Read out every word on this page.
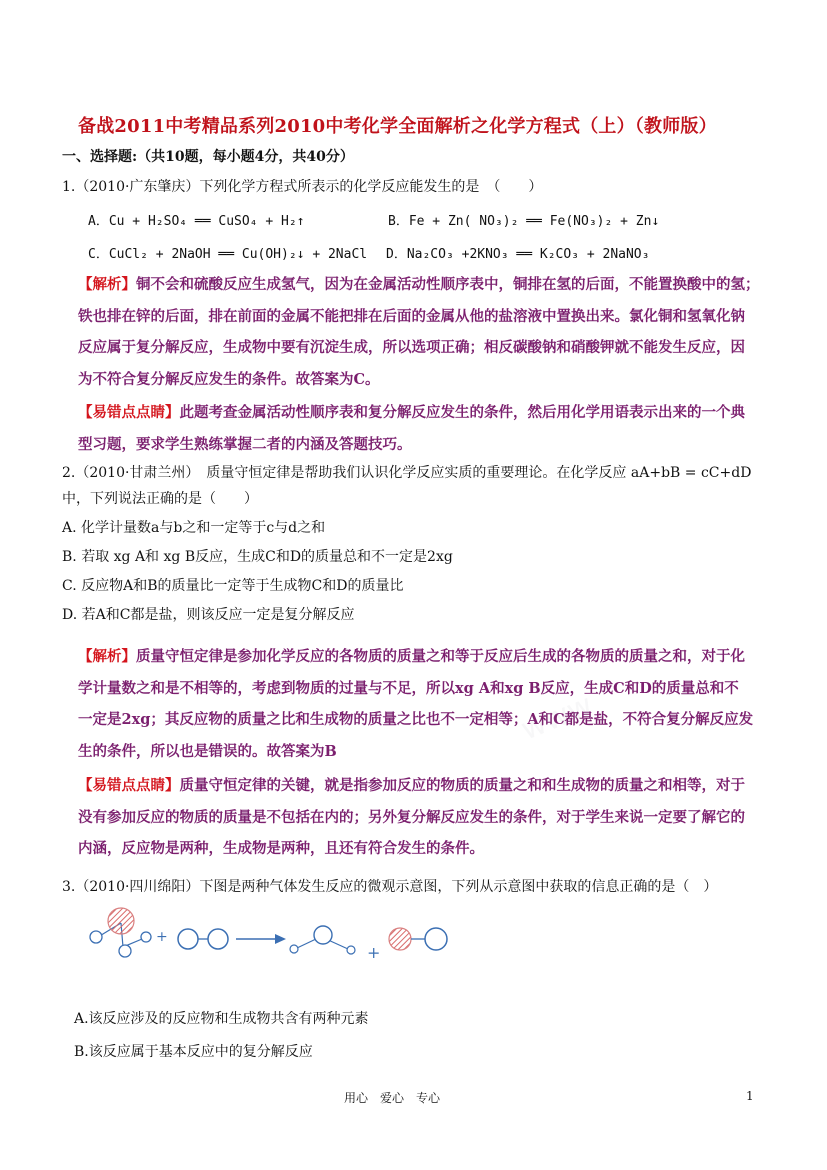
备战2011中考精品系列2010中考化学全面解析之化学方程式（上）（教师版）
一、选择题:（共10题，每小题4分，共40分）
1.（2010·广东肇庆）下列化学方程式所表示的化学反应能发生的是　（　　）
A．Cu + H₂SO₄ ══ CuSO₄ + H₂↑	B．Fe + Zn( NO₃)₂ ══ Fe(NO₃)₂ + Zn↓
C．CuCl₂ + 2NaOH ══ Cu(OH)₂↓ + 2NaCl D．Na₂CO₃ +2KNO₃ ══ K₂CO₃ + 2NaNO₃
【解析】铜不会和硫酸反应生成氢气，因为在金属活动性顺序表中，铜排在氢的后面，不能置换酸中的氢；
铁也排在锌的后面，排在前面的金属不能把排在后面的金属从他的盐溶液中置换出来。氯化铜和氢氧化钠
反应属于复分解反应，生成物中要有沉淀生成，所以选项正确；相反碳酸钠和硝酸钾就不能发生反应，因
为不符合复分解反应发生的条件。故答案为C。
【易错点点睛】此题考查金属活动性顺序表和复分解反应发生的条件，然后用化学用语表示出来的一个典
型习题，要求学生熟练掌握二者的内涵及答题技巧。
2.（2010·甘肃兰州）　质量守恒定律是帮助我们认识化学反应实质的重要理论。在化学反应 aA+bB = cC+dD
中，下列说法正确的是（　　）
A. 化学计量数a与b之和一定等于c与d之和
B. 若取 xg A和 xg B反应，生成C和D的质量总和不一定是2xg
C. 反应物A和B的质量比一定等于生成物C和D的质量比
D. 若A和C都是盐，则该反应一定是复分解反应
【解析】质量守恒定律是参加化学反应的各物质的质量之和等于反应后生成的各物质的质量之和，对于化
学计量数之和是不相等的，考虑到物质的过量与不足，所以xg A和xg B反应，生成C和D的质量总和不
一定是2xg；其反应物的质量之比和生成物的质量之比也不一定相等；A和C都是盐，不符合复分解反应发
生的条件，所以也是错误的。故答案为B
【易错点点睛】质量守恒定律的关键，就是指参加反应的物质的质量之和和生成物的质量之和相等，对于
没有参加反应的物质的质量是不包括在内的；另外复分解反应发生的条件，对于学生来说一定要了解它的
内涵，反应物是两种，生成物是两种，且还有符合发生的条件。
www
3.（2010·四川绵阳）下图是两种气体发生反应的微观示意图，下列从示意图中获取的信息正确的是（　）
+
+
A.该反应涉及的反应物和生成物共含有两种元素
B.该反应属于基本反应中的复分解反应
用心　爱心　专心	1
